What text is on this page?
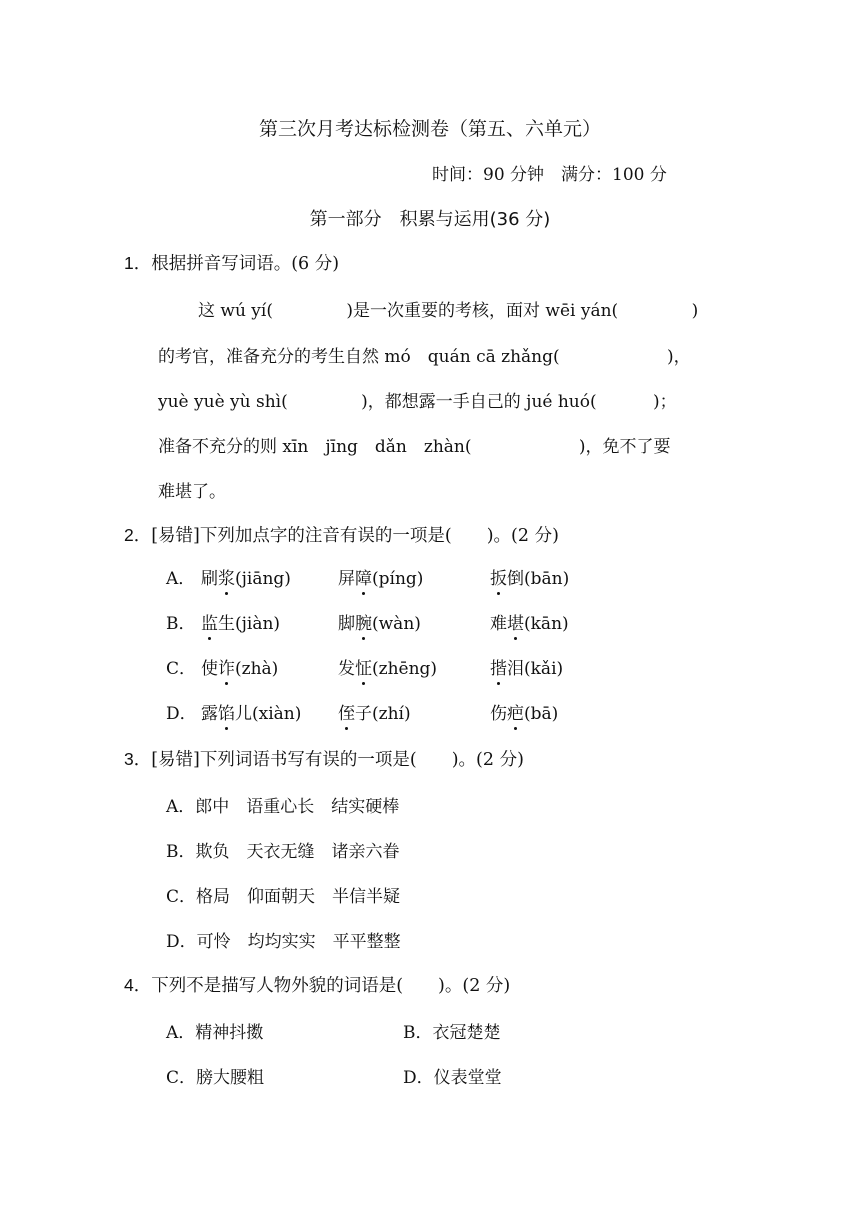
第三次月考达标检测卷（第五、六单元）
时间：90 分钟　满分：100 分
第一部分　积累与运用(36 分)
1．根据拼音写词语。(6 分)
这 wú yí(　　　　 )是一次重要的考核，面对 wēi yán(　　　　 )
的考官，准备充分的考生自然 mó　quán cā zhǎng(　　　　　　 )，
yuè yuè yù shì(　　　　 )，都想露一手自己的 jué huó(　　　 )；
准备不充分的则 xīn　jīng　dǎn　zhàn(　　　　　　 )，免不了要
难堪了。
2．[易错]下列加点字的注音有误的一项是(　　)。(2 分)
A． 刷浆(jiāng)	屏障(píng)	扳倒(bān)
B． 监生(jiàn)	脚腕(wàn)	难堪(kān)
C． 使诈(zhà)	发怔(zhēng)	揩泪(kǎi)
D． 露馅儿(xiàn) 侄子(zhí)	伤疤(bā)
3．[易错]下列词语书写有误的一项是(　　)。(2 分)
A．郎中　语重心长　结实硬棒
B．欺负　天衣无缝　诸亲六眷
C．格局　仰面朝天　半信半疑
D．可怜　均均实实　平平整整
4．下列不是描写人物外貌的词语是(　　)。(2 分)
A．精神抖擞	B．衣冠楚楚
C．膀大腰粗	D．仪表堂堂
